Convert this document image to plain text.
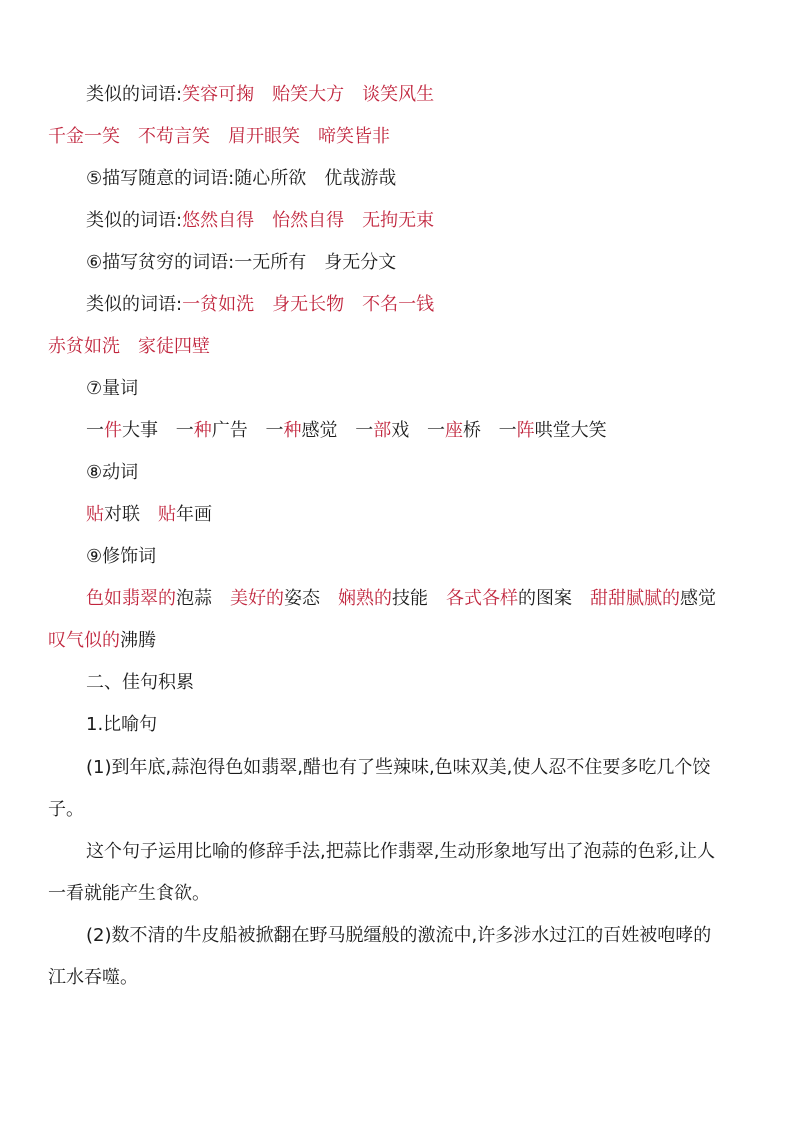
类似的词语:笑容可掬 贻笑大方 谈笑风生
千金一笑 不苟言笑 眉开眼笑 啼笑皆非
⑤描写随意的词语:随心所欲　优哉游哉
类似的词语:悠然自得 怡然自得 无拘无束
⑥描写贫穷的词语:一无所有　身无分文
类似的词语:一贫如洗 身无长物 不名一钱
赤贫如洗 家徒四壁
⑦量词
一件大事 一种广告 一种感觉 一部戏 一座桥 一阵哄堂大笑
⑧动词
贴对联 贴年画
⑨修饰词
色如翡翠的泡蒜 美好的姿态 娴熟的技能 各式各样的图案 甜甜腻腻的感觉
叹气似的沸腾
二、佳句积累
1.比喻句
(1)到年底,蒜泡得色如翡翠,醋也有了些辣味,色味双美,使人忍不住要多吃几个饺
子。
这个句子运用比喻的修辞手法,把蒜比作翡翠,生动形象地写出了泡蒜的色彩,让人
一看就能产生食欲。
(2)数不清的牛皮船被掀翻在野马脱缰般的激流中,许多涉水过江的百姓被咆哮的
江水吞噬。
